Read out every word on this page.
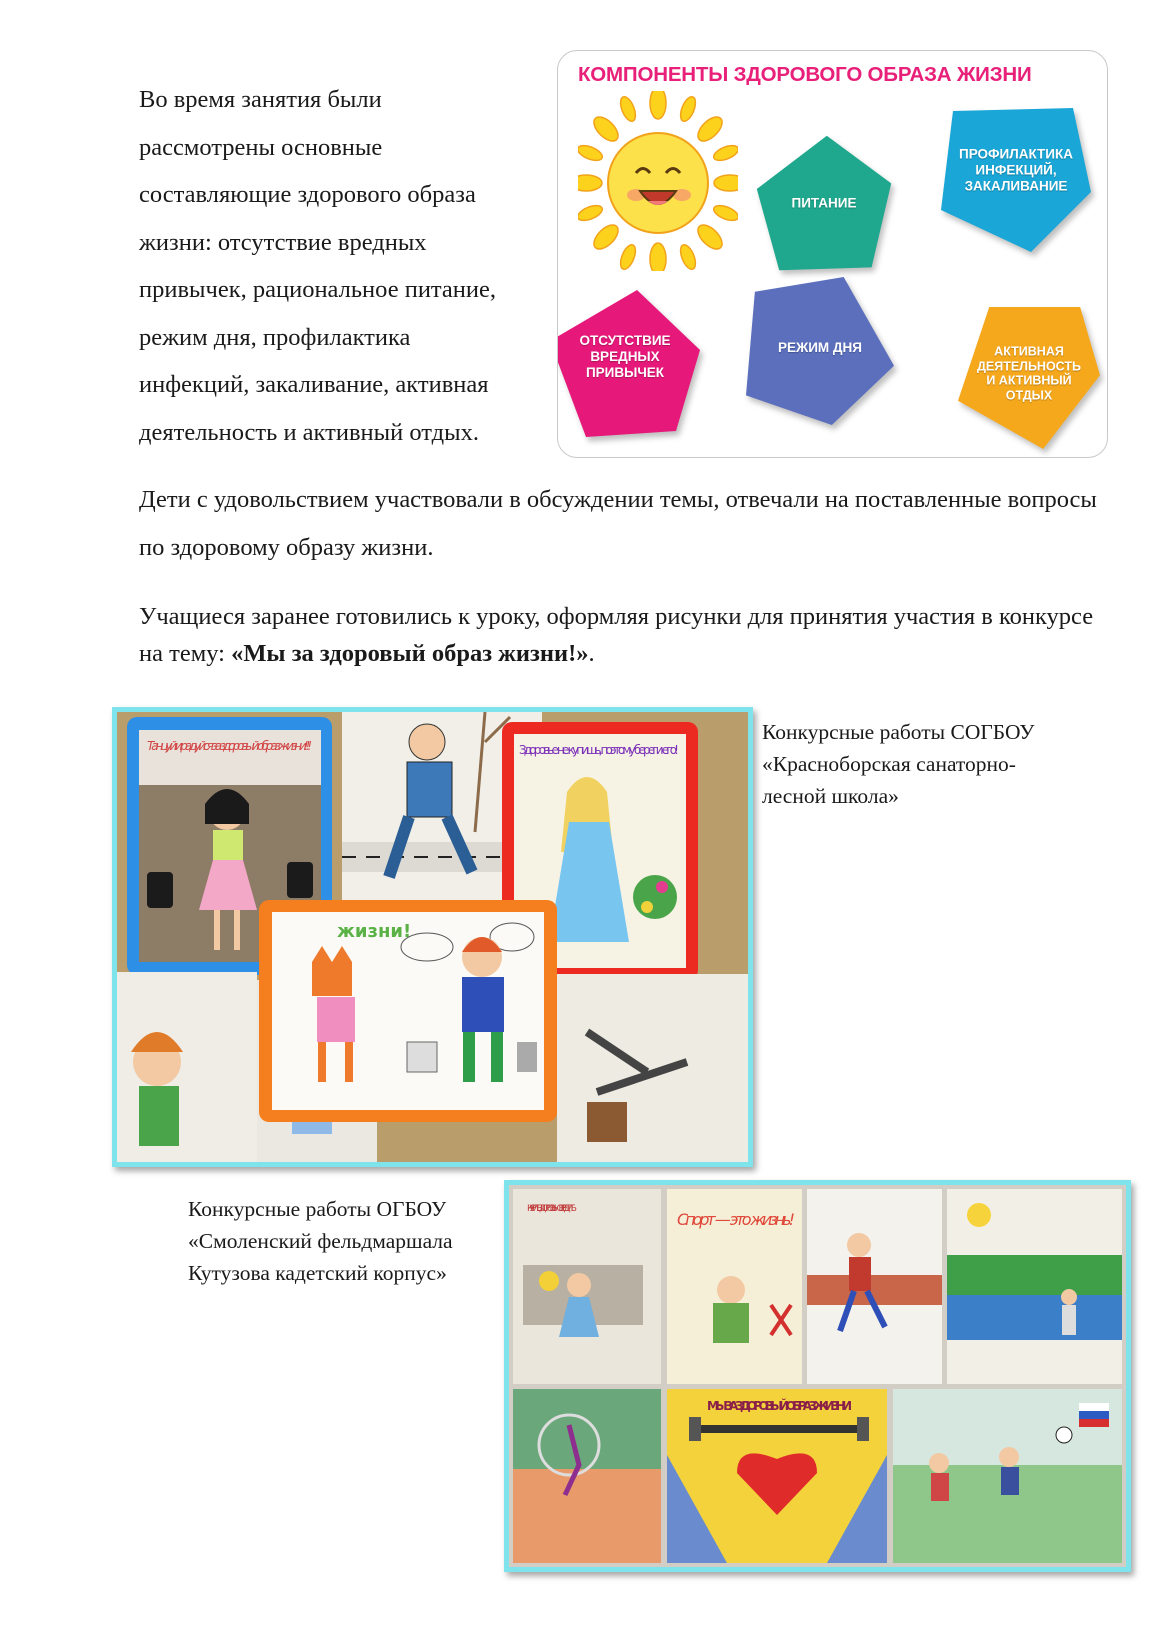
Во время занятия были

рассмотрены основные

составляющие здорового образа

жизни: отсутствие вредных

привычек, рациональное питание,

режим дня, профилактика

инфекций, закаливание, активная

деятельность и активный отдых.

КОМПОНЕНТЫ ЗДОРОВОГО ОБРАЗА ЖИЗНИ
ПИТАНИЕ
ПРОФИЛАКТИКА
ИНФЕКЦИЙ,
ЗАКАЛИВАНИЕ
ОТСУТСТВИЕ
ВРЕДНЫХ
ПРИВЫЧЕК
РЕЖИМ ДНЯ	АКТИВНАЯ
ДЕЯТЕЛЬНОСТЬ
И АКТИВНЫЙ
ОТДЫХ

Дети с удовольствием участвовали в обсуждении темы, отвечали на поставленные вопросы по здоровому образу жизни.

Учащиеся заранее готовились к уроку, оформляя рисунки для принятия участия в конкурсе на тему: «Мы за здоровый образ жизни!».

Танцуй и радуйся за здоровый образ жизни!!!	Здоровье не купишь, поэтому береги его!
жизни!
Конкурсные работы СОГБОУ
«Красноборская санаторно-
лесной школа»
Конкурсные работы ОГБОУ
«Смоленский фельдмаршала
Кутузова кадетский корпус»
КУРИТЬ ЗДОРОВЬЮ ВРЕДИТЬ
Спорт — это жизнь!
МЫ ЗА ЗДОРОВЫЙ ОБРАЗ ЖИЗНИ
